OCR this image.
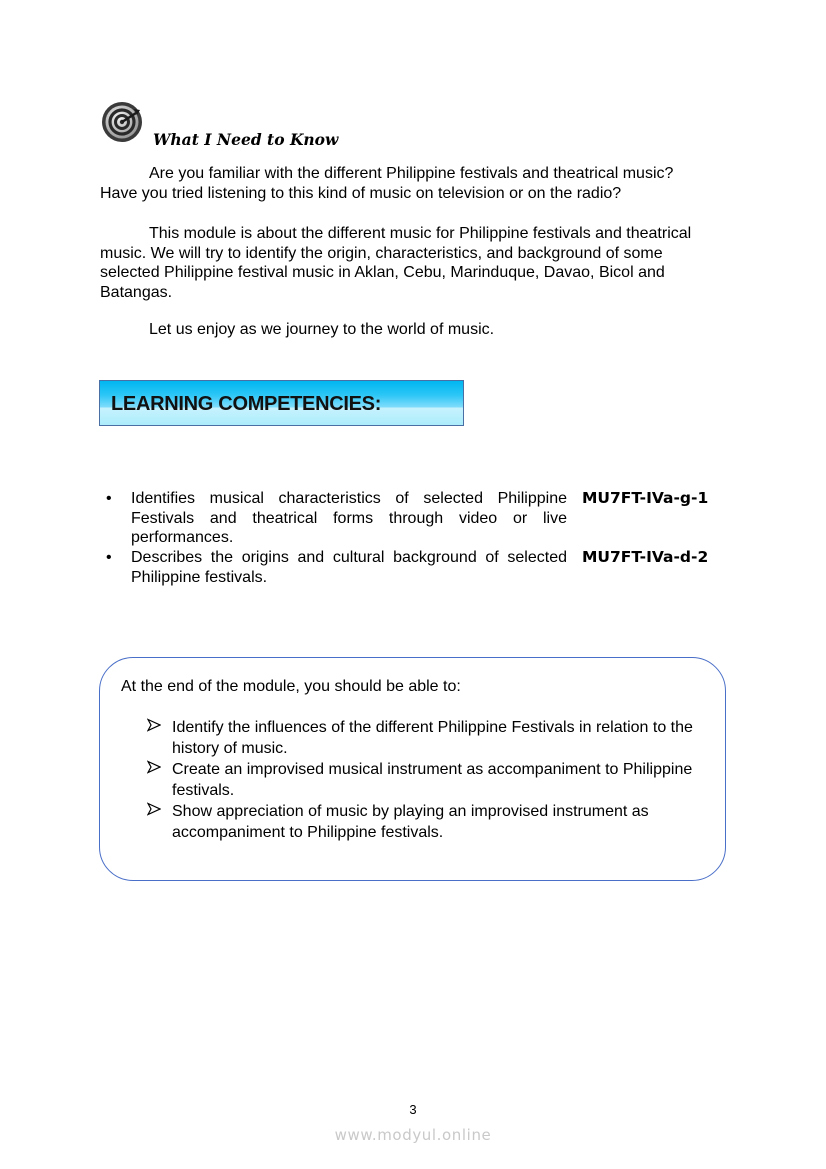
What I Need to Know
Are you familiar with the different Philippine festivals and theatrical music?
Have you tried listening to this kind of music on television or on the radio?
This module is about the different music for Philippine festivals and theatrical
music. We will try to identify the origin, characteristics, and background of some
selected Philippine festival music in Aklan, Cebu, Marinduque, Davao, Bicol and
Batangas.
Let us enjoy as we journey to the world of music.
LEARNING COMPETENCIES:
• Identifies musical characteristics of selected Philippine Festivals and theatrical forms through video or live performances.
MU7FT-IVa-g-1
• Describes the origins and cultural background of selected Philippine festivals.
MU7FT-IVa-d-2
At the end of the module, you should be able to:
Identify the influences of the different Philippine Festivals in relation to the history of music.
Create an improvised musical instrument as accompaniment to Philippine festivals.
Show appreciation of music by playing an improvised instrument as accompaniment to Philippine festivals.
3
www.modyul.online
